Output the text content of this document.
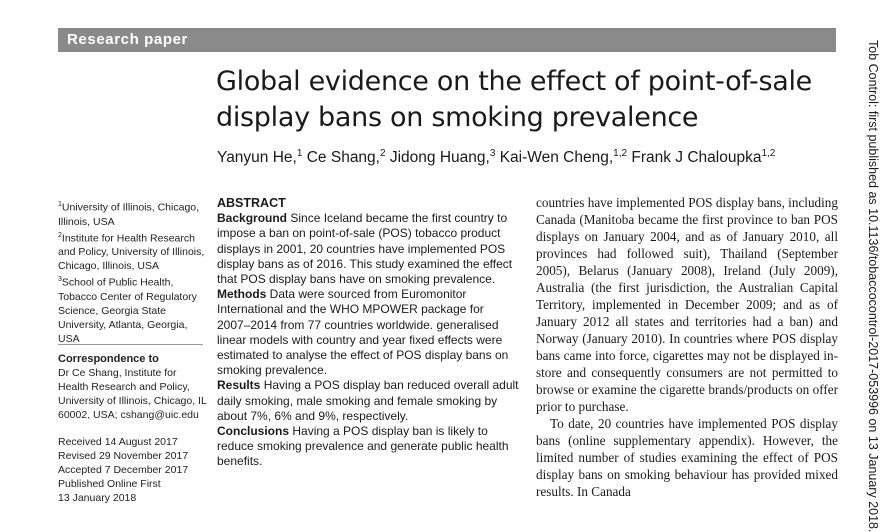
Research paper
Global evidence on the effect of point-of-sale display bans on smoking prevalence
Yanyun He,$^1$ Ce Shang,$^2$ Jidong Huang,$^3$ Kai-Wen Cheng,$^{1,2}$ Frank J Chaloupka$^{1,2}$
$^1$University of Illinois, Chicago, Illinois, USA
$^2$Institute for Health Research and Policy, University of Illinois, Chicago, Illinois, USA
$^3$School of Public Health, Tobacco Center of Regulatory Science, Georgia State University, Atlanta, Georgia, USA
Correspondence to
Dr Ce Shang, Institute for Health Research and Policy, University of Illinois, Chicago, IL 60002, USA; cshang@uic.edu
Received 14 August 2017
Revised 29 November 2017
Accepted 7 December 2017
Published Online First
13 January 2018
ABSTRACT
Background Since Iceland became the first country to impose a ban on point-of-sale (POS) tobacco product displays in 2001, 20 countries have implemented POS display bans as of 2016. This study examined the effect that POS display bans have on smoking prevalence.
Methods Data were sourced from Euromonitor International and the WHO MPOWER package for 2007–2014 from 77 countries worldwide. generalised linear models with country and year fixed effects were estimated to analyse the effect of POS display bans on smoking prevalence.
Results Having a POS display ban reduced overall adult daily smoking, male smoking and female smoking by about 7%, 6% and 9%, respectively.
Conclusions Having a POS display ban is likely to reduce smoking prevalence and generate public health benefits.

countries have implemented POS display bans, including Canada (Manitoba became the first province to ban POS displays on January 2004, and as of January 2010, all provinces had followed suit), Thailand (September 2005), Belarus (January 2008), Ireland (July 2009), Australia (the first jurisdiction, the Australian Capital Territory, implemented in December 2009; and as of January 2012 all states and territories had a ban) and Norway (January 2010). In countries where POS display bans came into force, cigarettes may not be displayed in-store and consequently consumers are not permitted to browse or examine the cigarette brands/products on offer prior to purchase.

To date, 20 countries have implemented POS display bans (online supplementary appendix). However, the limited number of studies examining the effect of POS display bans on smoking behaviour has provided mixed results. In Canada	Tob Control: first published as 10.1136/tobaccocontrol-2017-053996 on 13 January 2018.
